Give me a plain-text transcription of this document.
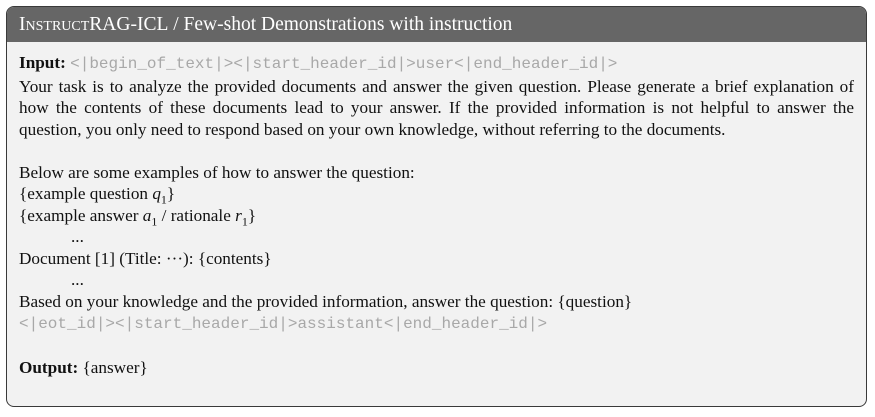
InstructRAG-ICL / Few-shot Demonstrations with instruction
Input: <|begin_of_text|><|start_header_id|>user<|end_header_id|>
Your task is to analyze the provided documents and answer the given question. Please generate a brief explanation of how the contents of these documents lead to your answer. If the provided information is not helpful to answer the question, you only need to respond based on your own knowledge, without referring to the documents.
Below are some examples of how to answer the question:
{example question $q_1$}
{example answer $a_1$ / rationale $r_1$}
...
Document [1] (Title: ···): {contents}
...
Based on your knowledge and the provided information, answer the question: {question}
<|eot_id|><|start_header_id|>assistant<|end_header_id|>
Output: {answer}
